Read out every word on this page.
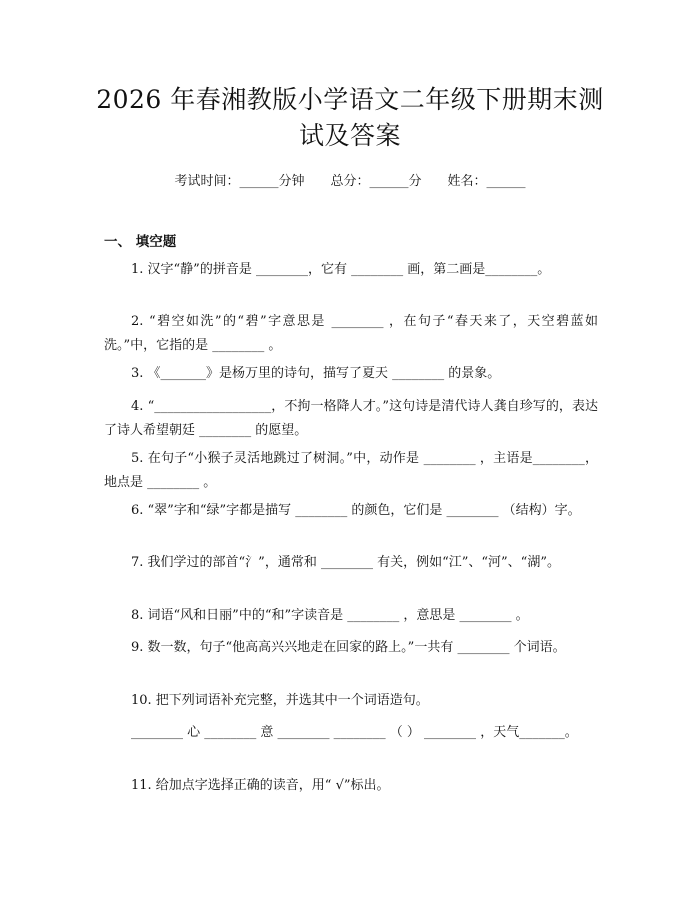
2026 年春湘教版小学语文二年级下册期末测
试及答案
考试时间：______分钟　　总分：______分　　姓名：______
一、 填空题
1. 汉字“静”的拼音是 ________，它有 ________ 画，第二画是________。
2. “碧空如洗”的“碧”字意思是 ________ ，在句子“春天来了，天空碧蓝如洗。”中，它指的是 ________ 。
3. 《_______》是杨万里的诗句，描写了夏天 ________ 的景象。
4. “__________________，不拘一格降人才。”这句诗是清代诗人龚自珍写的，表达了诗人希望朝廷 ________ 的愿望。
5. 在句子“小猴子灵活地跳过了树洞。”中，动作是 ________ ，主语是________，地点是 ________ 。
6. “翠”字和“绿”字都是描写 ________ 的颜色，它们是 ________ （结构）字。
7. 我们学过的部首“氵”，通常和 ________ 有关，例如“江”、“河”、“湖”。
8. 词语“风和日丽”中的“和”字读音是 ________ ，意思是 ________ 。
9. 数一数，句子“他高高兴兴地走在回家的路上。”一共有 ________ 个词语。
10. 把下列词语补充完整，并选其中一个词语造句。
________ 心 ________ 意 ________ ________ （ ） ________ ，天气_______。
11. 给加点字选择正确的读音，用“ √”标出。
